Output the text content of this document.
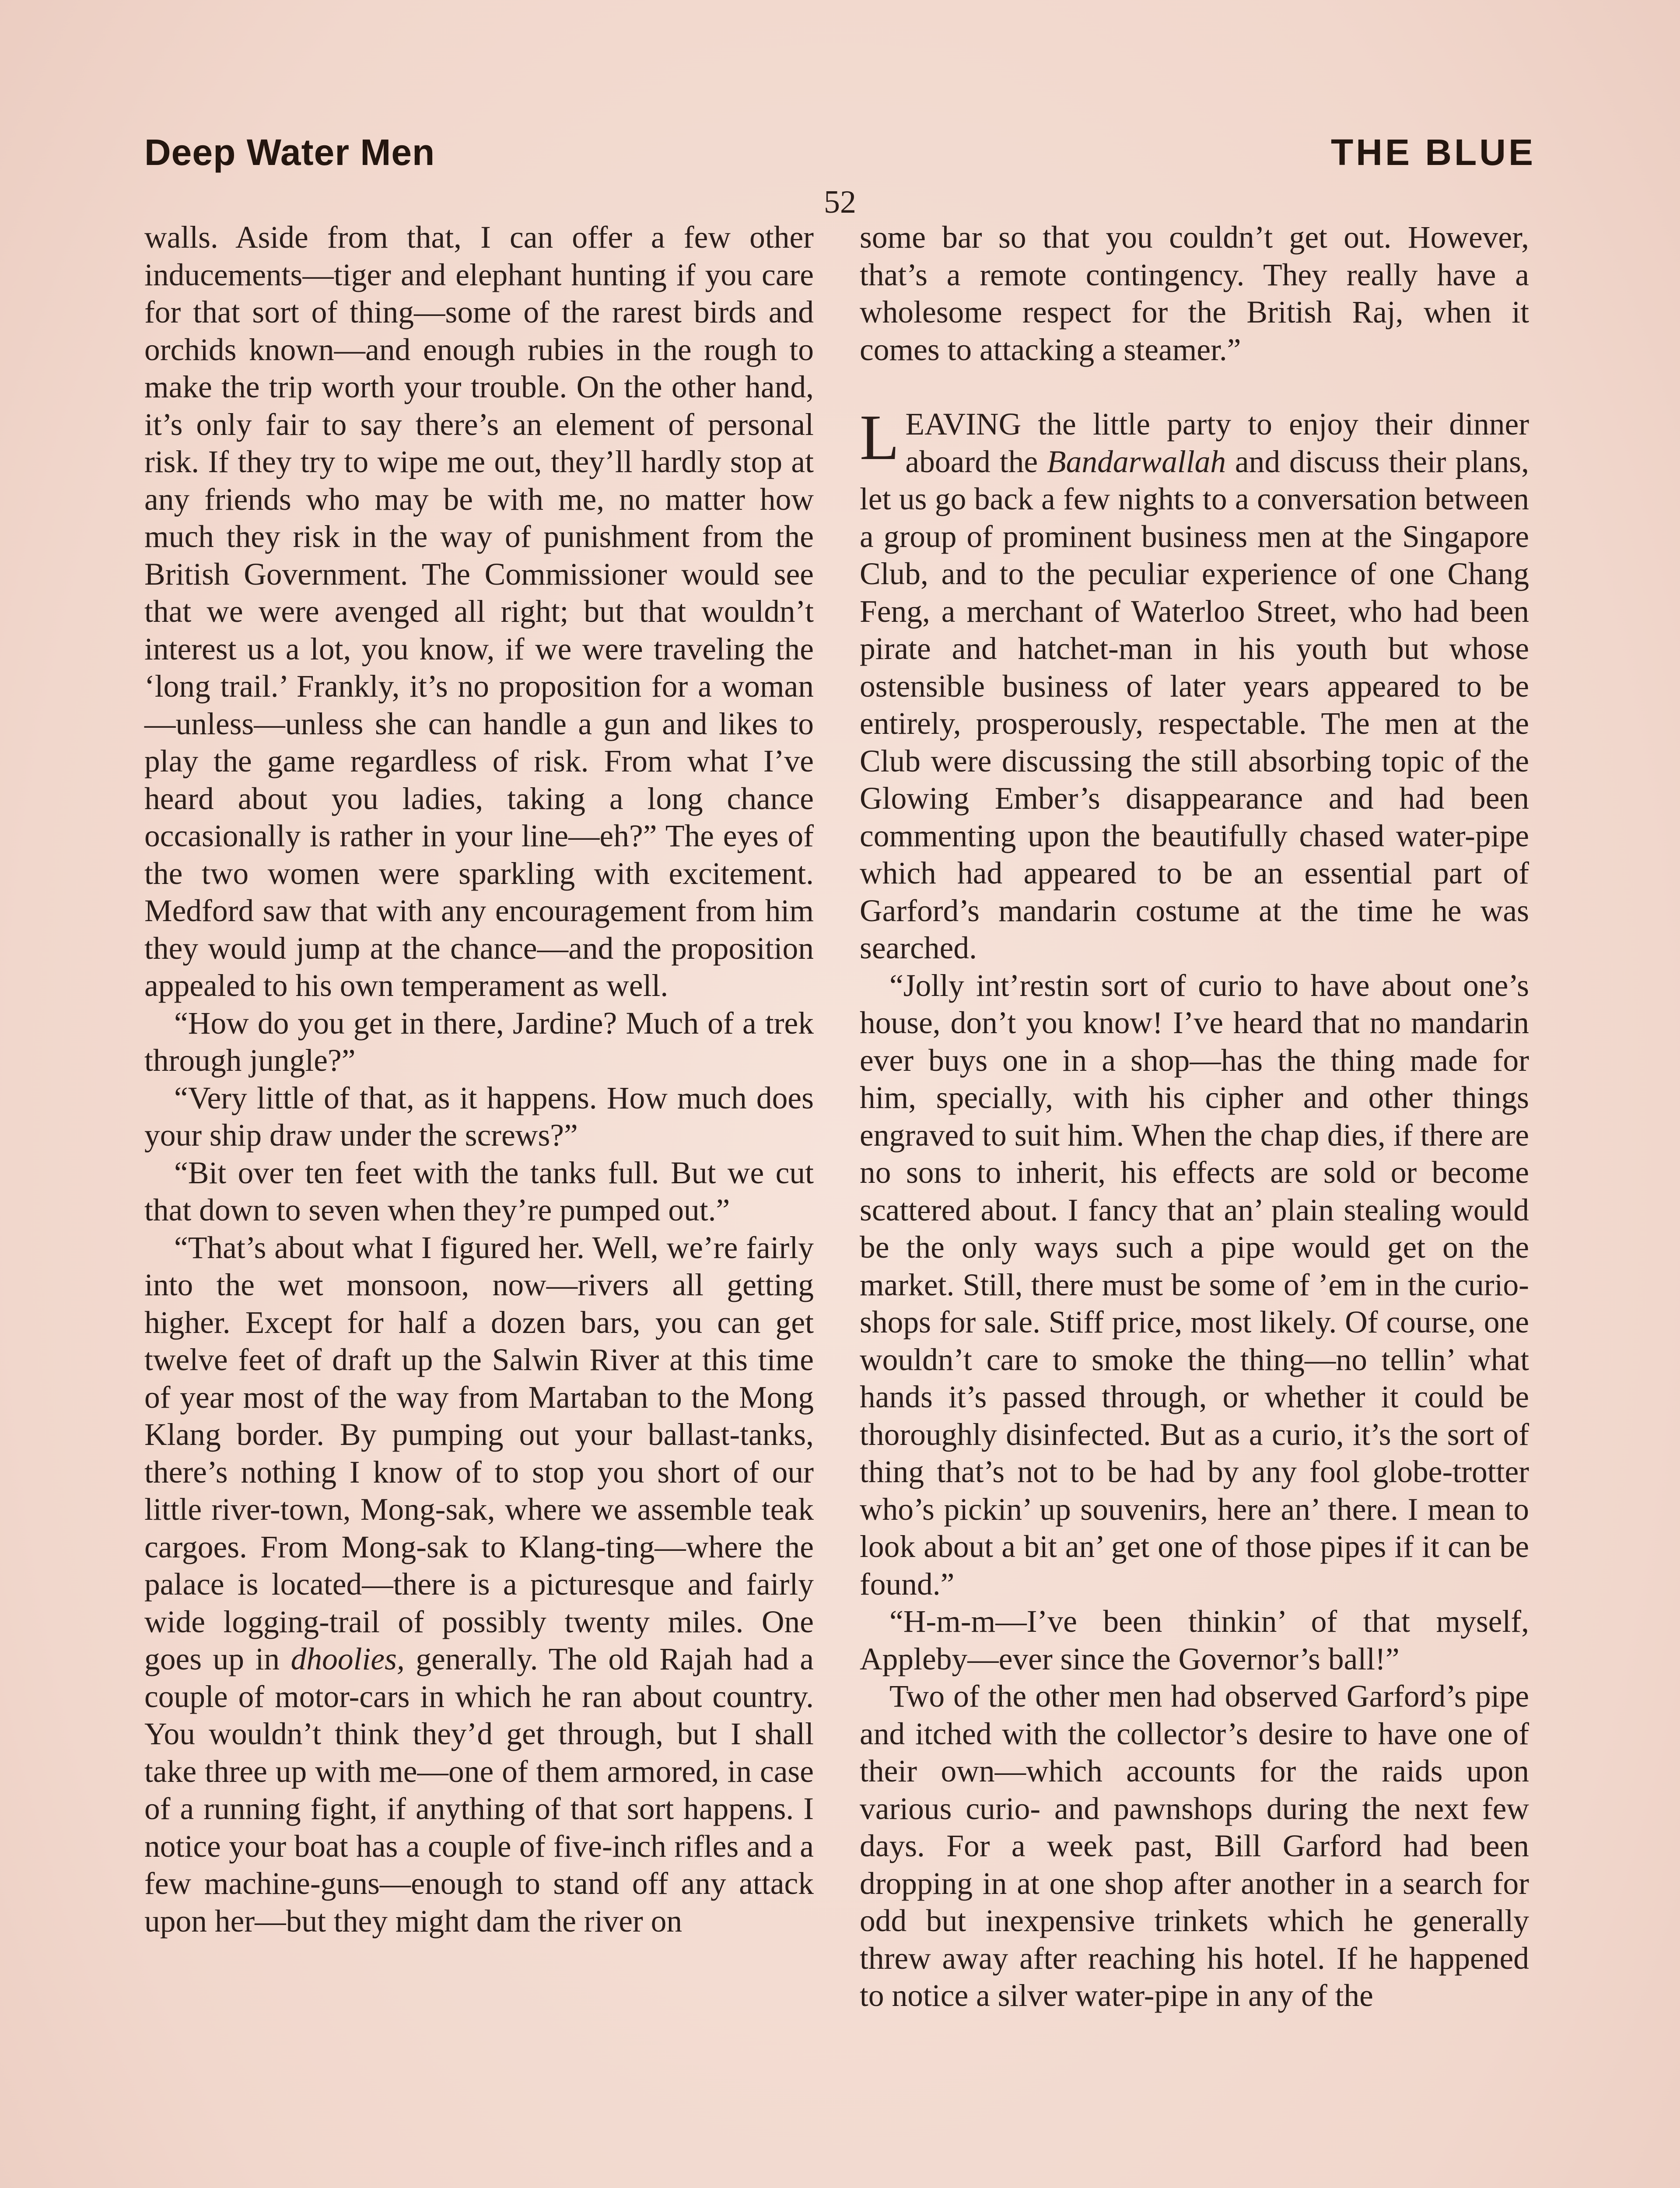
Deep Water Men	THE BLUE
52

walls. Aside from that, I can offer a few other inducements—tiger and elephant hunting if you care for that sort of thing—some of the rarest birds and orchids known—and enough rubies in the rough to make the trip worth your trouble. On the other hand, it’s only fair to say there’s an element of personal risk. If they try to wipe me out, they’ll hardly stop at any friends who may be with me, no matter how much they risk in the way of punishment from the British Government. The Commissioner would see that we were avenged all right; but that wouldn’t interest us a lot, you know, if we were traveling the ‘long trail.’ Frankly, it’s no proposition for a woman—unless—unless she can handle a gun and likes to play the game regardless of risk. From what I’ve heard about you ladies, taking a long chance occasionally is rather in your line—eh?” The eyes of the two women were sparkling with excitement. Medford saw that with any encouragement from him they would jump at the chance—and the proposition appealed to his own temperament as well.

“How do you get in there, Jardine? Much of a trek through jungle?”

“Very little of that, as it happens. How much does your ship draw under the screws?”

“Bit over ten feet with the tanks full. But we cut that down to seven when they’re pumped out.”

“That’s about what I figured her. Well, we’re fairly into the wet monsoon, now—rivers all getting higher. Except for half a dozen bars, you can get twelve feet of draft up the Salwin River at this time of year most of the way from Martaban to the Mong Klang border. By pumping out your ballast-tanks, there’s nothing I know of to stop you short of our little river-town, Mong-sak, where we assemble teak cargoes. From Mong-sak to Klang-ting—where the palace is located—there is a picturesque and fairly wide logging-trail of possibly twenty miles. One goes up in dhoolies, generally. The old Rajah had a couple of motor-cars in which he ran about country. You wouldn’t think they’d get through, but I shall take three up with me—one of them armored, in case of a running fight, if anything of that sort happens. I notice your boat has a couple of five-inch rifles and a few machine-guns—enough to stand off any attack upon her—but they might dam the river on

some bar so that you couldn’t get out. However, that’s a remote contingency. They really have a wholesome respect for the British Raj, when it comes to attacking a steamer.”

LEAVING the little party to enjoy their dinner aboard the Bandarwallah and discuss their plans, let us go back a few nights to a conversation between a group of prominent business men at the Singapore Club, and to the peculiar experience of one Chang Feng, a merchant of Waterloo Street, who had been pirate and hatchet-man in his youth but whose ostensible business of later years appeared to be entirely, prosperously, respectable. The men at the Club were discussing the still absorbing topic of the Glowing Ember’s disappearance and had been commenting upon the beautifully chased water-pipe which had appeared to be an essential part of Garford’s mandarin costume at the time he was searched.

“Jolly int’restin sort of curio to have about one’s house, don’t you know! I’ve heard that no mandarin ever buys one in a shop—has the thing made for him, specially, with his cipher and other things engraved to suit him. When the chap dies, if there are no sons to inherit, his effects are sold or become scattered about. I fancy that an’ plain stealing would be the only ways such a pipe would get on the market. Still, there must be some of ’em in the curio-shops for sale. Stiff price, most likely. Of course, one wouldn’t care to smoke the thing—no tellin’ what hands it’s passed through, or whether it could be thoroughly disinfected. But as a curio, it’s the sort of thing that’s not to be had by any fool globe-trotter who’s pickin’ up souvenirs, here an’ there. I mean to look about a bit an’ get one of those pipes if it can be found.”

“H-m-m—I’ve been thinkin’ of that myself, Appleby—ever since the Governor’s ball!”

Two of the other men had observed Garford’s pipe and itched with the collector’s desire to have one of their own—which accounts for the raids upon various curio- and pawnshops during the next few days. For a week past, Bill Garford had been dropping in at one shop after another in a search for odd but inexpensive trinkets which he generally threw away after reaching his hotel. If he happened to notice a silver water-pipe in any of the
